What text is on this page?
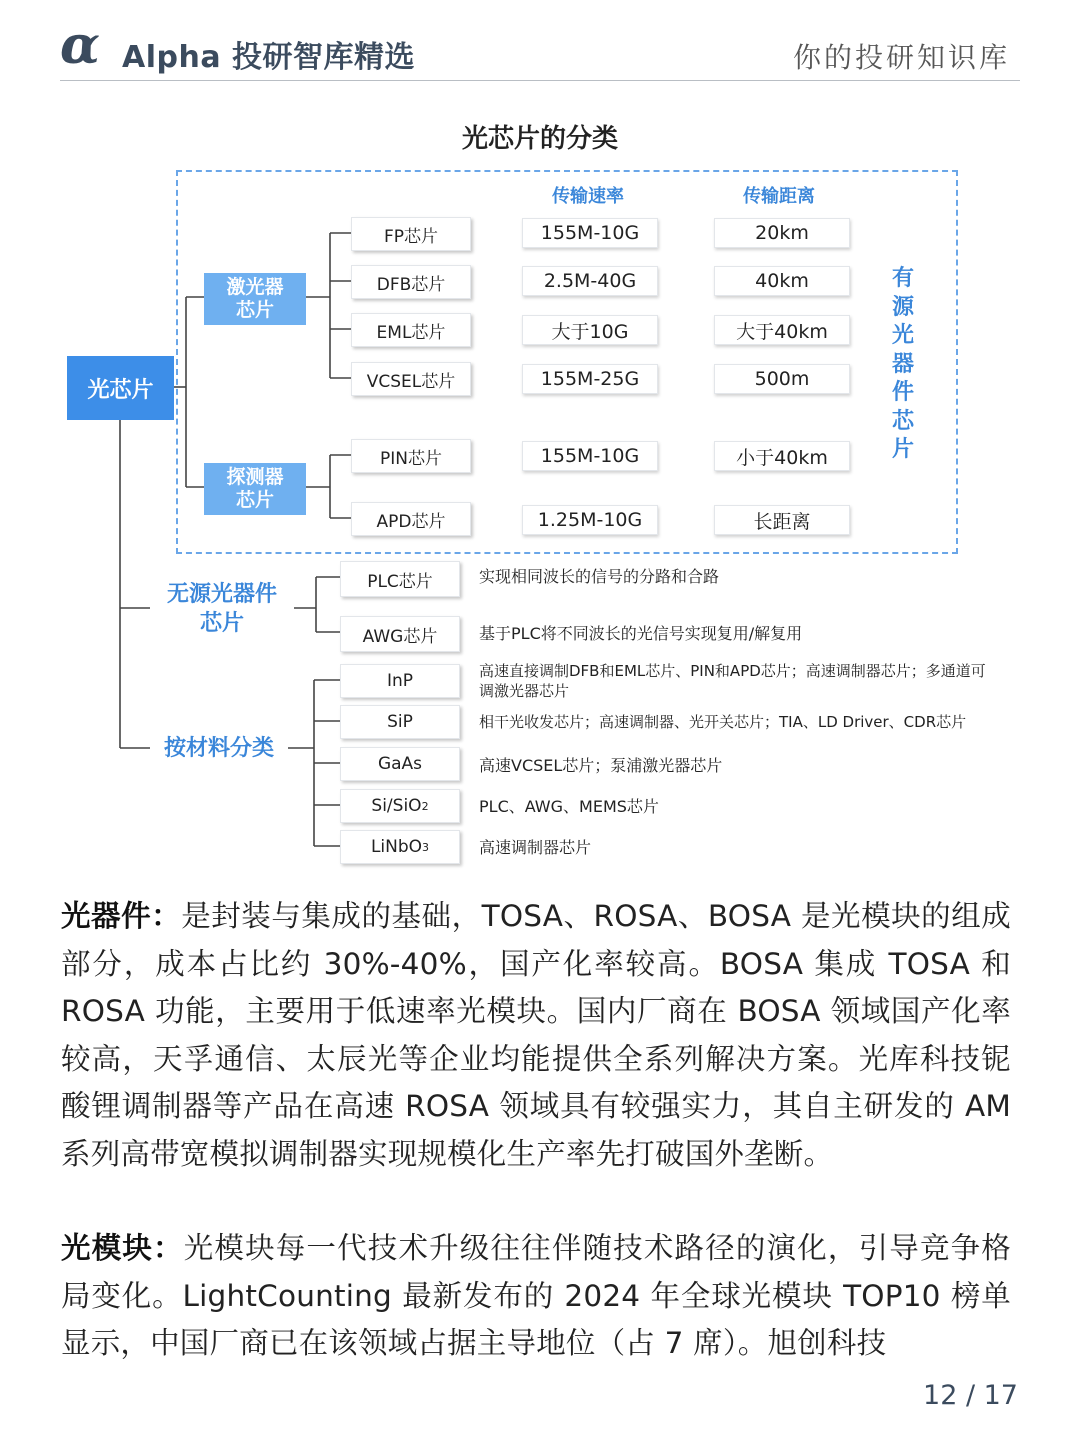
α Alpha 投研智库精选	你的投研知识库
光芯片的分类
传输速率	传输距离
光芯片
激光器
芯片
探测器
芯片
FP芯片
DFB芯片
EML芯片
VCSEL芯片
PIN芯片
APD芯片
155M-10G
2.5M-40G
大于10G
155M-25G
155M-10G
1.25M-10G
20km
40km
大于40km
500m
小于40km
长距离
有源光器件芯片
无源光器件
芯片
PLC芯片
AWG芯片
实现相同波长的信号的分路和合路
基于PLC将不同波长的光信号实现复用/解复用
按材料分类
InP
SiP
GaAs
Si/SiO 2
LiNbO 3
高速直接调制DFB和EML芯片、PIN和APD芯片；高速调制器芯片；多通道可调激光器芯片
相干光收发芯片；高速调制器、光开关芯片；TIA、LD Driver、CDR芯片
高速VCSEL芯片；泵浦激光器芯片
PLC、AWG、MEMS芯片
高速调制器芯片
光器件：是封装与集成的基础，TOSA、ROSA、BOSA 是光模块的组成部分，成本占比约 30%-40%，国产化率较高。BOSA 集成 TOSA 和 ROSA 功能，主要用于低速率光模块。国内厂商在 BOSA 领域国产化率较高，天孚通信、太辰光等企业均能提供全系列解决方案。光库科技铌酸锂调制器等产品在高速 ROSA 领域具有较强实力，其自主研发的 AM 系列高带宽模拟调制器实现规模化生产率先打破国外垄断。
光模块：光模块每一代技术升级往往伴随技术路径的演化，引导竞争格局变化。LightCounting 最新发布的 2024 年全球光模块 TOP10 榜单显示，中国厂商已在该领域占据主导地位（占 7 席）。旭创科技
12 / 17
